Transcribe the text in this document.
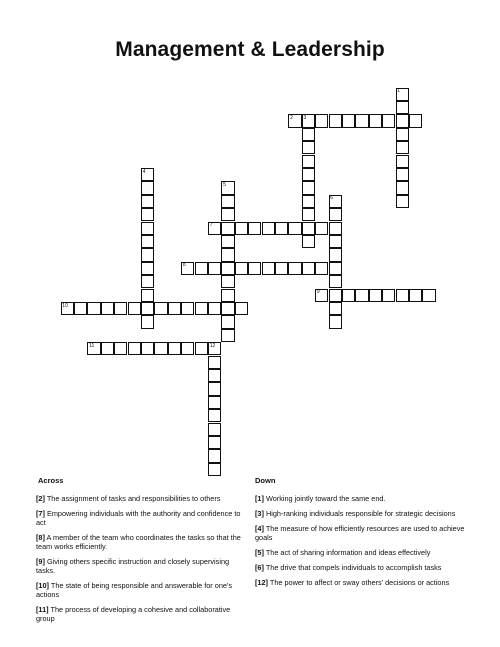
Management & Leadership
1
2 3
4
5
6
7
8
9
10
11	12
Across	Down
[2] The assignment of tasks and responsibilities to others
[7] Empowering individuals with the authority and confidence to act
[8] A member of the team who coordinates the tasks so that the team works efficiently.
[9] Giving others specific instruction and closely supervising tasks.
[10] The state of being responsible and answerable for one's actions
[11] The process of developing a cohesive and collaborative group
[1] Working jointly toward the same end.
[3] High-ranking individuals responsible for strategic decisions
[4] The measure of how efficiently resources are used to achieve goals
[5] The act of sharing information and ideas effectively
[6] The drive that compels individuals to accomplish tasks
[12] The power to affect or sway others' decisions or actions
